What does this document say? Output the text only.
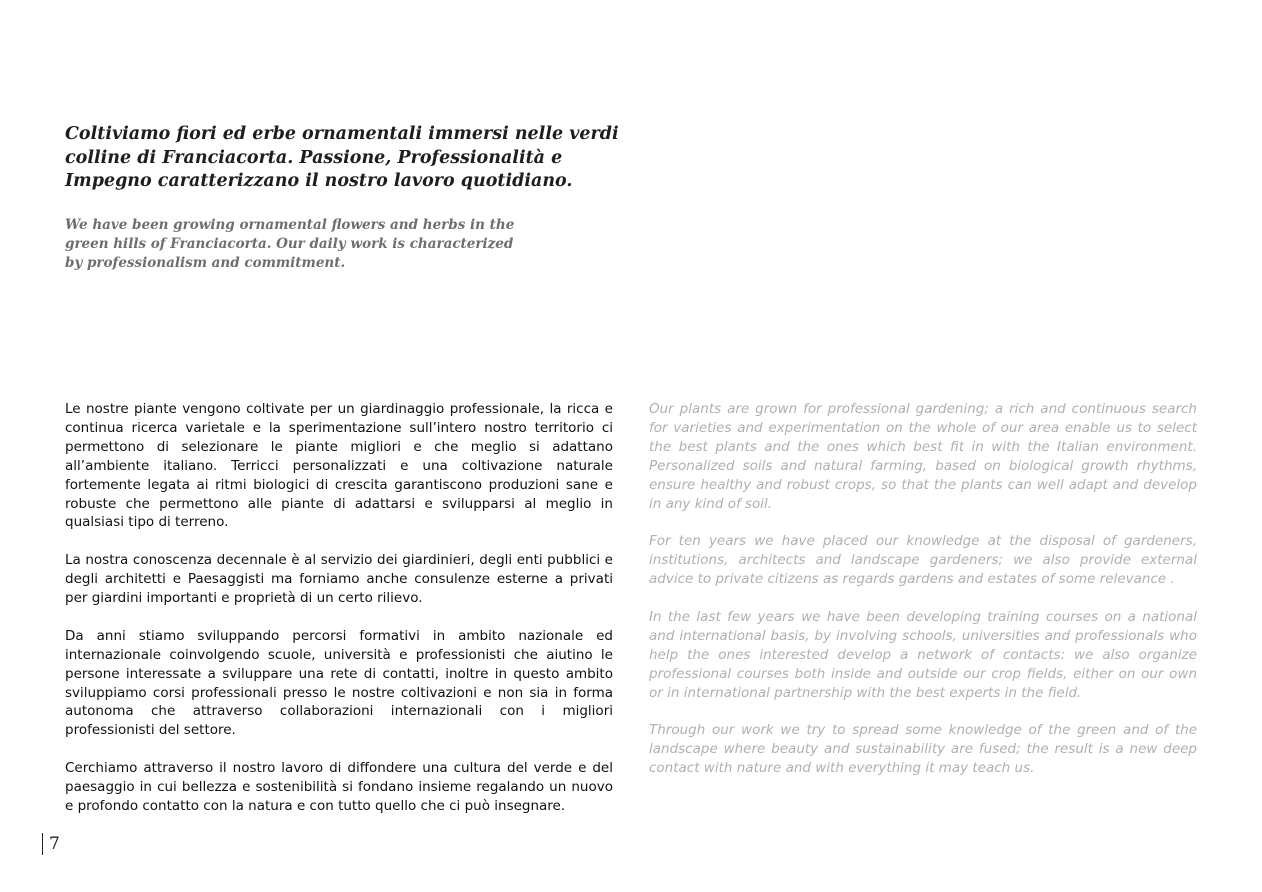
Coltiviamo fiori ed erbe ornamentali immersi nelle verdi colline di Franciacorta. Passione, Professionalità e Impegno caratterizzano il nostro lavoro quotidiano.
We have been growing ornamental flowers and herbs in the green hills of Franciacorta. Our daily work is characterized by professionalism and commitment.

Le nostre piante vengono coltivate per un giardinaggio professionale, la ricca e continua ricerca varietale e la sperimentazione sull’intero nostro territorio ci permettono di selezionare le piante migliori e che meglio si adattano all’ambiente italiano. Terricci personalizzati e una coltivazione naturale fortemente legata ai ritmi biologici di crescita garantiscono produzioni sane e robuste che permettono alle piante di adattarsi e svilupparsi al meglio in qualsiasi tipo di terreno.

La nostra conoscenza decennale è al servizio dei giardinieri, degli enti pubblici e degli architetti e Paesaggisti ma forniamo anche consulenze esterne a privati per giardini importanti e proprietà di un certo rilievo.

Da anni stiamo sviluppando percorsi formativi in ambito nazionale ed internazionale coinvolgendo scuole, università e professionisti che aiutino le persone interessate a sviluppare una rete di contatti, inoltre in questo ambito sviluppiamo corsi professionali presso le nostre coltivazioni e non sia in forma autonoma che attraverso collaborazioni internazionali con i migliori professionisti del settore.

Cerchiamo attraverso il nostro lavoro di diffondere una cultura del verde e del paesaggio in cui bellezza e sostenibilità si fondano insieme regalando un nuovo e profondo contatto con la natura e con tutto quello che ci può insegnare.

Our plants are grown for professional gardening; a rich and continuous search for varieties and experimentation on the whole of our area enable us to select the best plants and the ones which best fit in with the Italian environment. Personalized soils and natural farming, based on biological growth rhythms, ensure healthy and robust crops, so that the plants can well adapt and develop in any kind of soil.

For ten years we have placed our knowledge at the disposal of gardeners, institutions, architects and landscape gardeners; we also provide external advice to private citizens as regards gardens and estates of some relevance .

In the last few years we have been developing training courses on a national and international basis, by involving schools, universities and professionals who help the ones interested develop a network of contacts: we also organize professional courses both inside and outside our crop fields, either on our own or in international partnership with the best experts in the field.

Through our work we try to spread some knowledge of the green and of the landscape where beauty and sustainability are fused; the result is a new deep contact with nature and with everything it may teach us.

7
